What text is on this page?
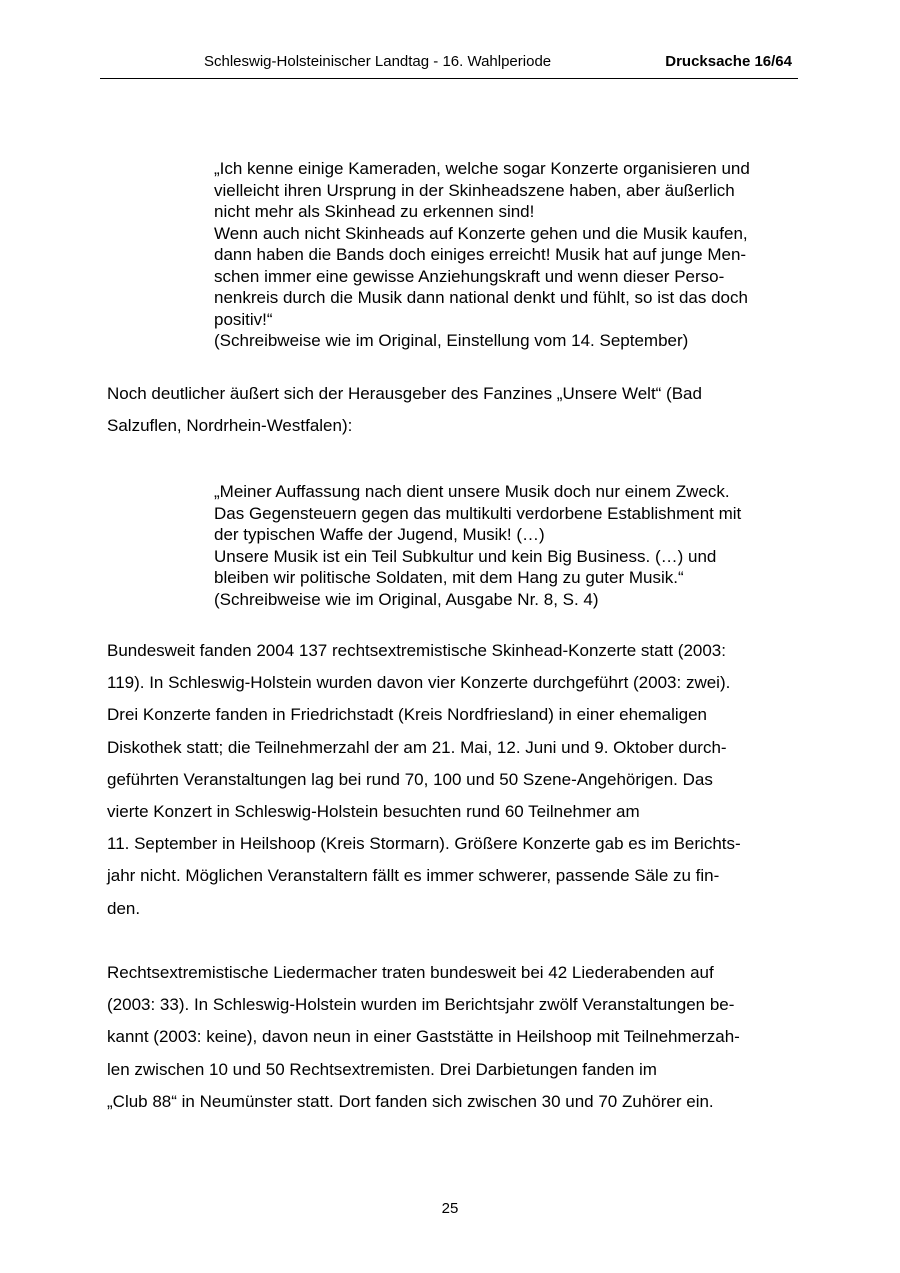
Schleswig-Holsteinischer Landtag - 16. Wahlperiode	Drucksache 16/64
„Ich kenne einige Kameraden, welche sogar Konzerte organisieren und
vielleicht ihren Ursprung in der Skinheadszene haben, aber äußerlich
nicht mehr als Skinhead zu erkennen sind!
Wenn auch nicht Skinheads auf Konzerte gehen und die Musik kaufen,
dann haben die Bands doch einiges erreicht! Musik hat auf junge Men-
schen immer eine gewisse Anziehungskraft und wenn dieser Perso-
nenkreis durch die Musik dann national denkt und fühlt, so ist das doch
positiv!“
(Schreibweise wie im Original, Einstellung vom 14. September)
Noch deutlicher äußert sich der Herausgeber des Fanzines „Unsere Welt“ (Bad
Salzuflen, Nordrhein-Westfalen):
„Meiner Auffassung nach dient unsere Musik doch nur einem Zweck.
Das Gegensteuern gegen das multikulti verdorbene Establishment mit
der typischen Waffe der Jugend, Musik! (…)
Unsere Musik ist ein Teil Subkultur und kein Big Business. (…) und
bleiben wir politische Soldaten, mit dem Hang zu guter Musik.“
(Schreibweise wie im Original, Ausgabe Nr. 8, S. 4)
Bundesweit fanden 2004 137 rechtsextremistische Skinhead-Konzerte statt (2003:
119). In Schleswig-Holstein wurden davon vier Konzerte durchgeführt (2003: zwei).
Drei Konzerte fanden in Friedrichstadt (Kreis Nordfriesland) in einer ehemaligen
Diskothek statt; die Teilnehmerzahl der am 21. Mai, 12. Juni und 9. Oktober durch-
geführten Veranstaltungen lag bei rund 70, 100 und 50 Szene-Angehörigen. Das
vierte Konzert in Schleswig-Holstein besuchten rund 60 Teilnehmer am
11. September in Heilshoop (Kreis Stormarn). Größere Konzerte gab es im Berichts-
jahr nicht. Möglichen Veranstaltern fällt es immer schwerer, passende Säle zu fin-
den.
Rechtsextremistische Liedermacher traten bundesweit bei 42 Liederabenden auf
(2003: 33). In Schleswig-Holstein wurden im Berichtsjahr zwölf Veranstaltungen be-
kannt (2003: keine), davon neun in einer Gaststätte in Heilshoop mit Teilnehmerzah-
len zwischen 10 und 50 Rechtsextremisten. Drei Darbietungen fanden im
„Club 88“ in Neumünster statt. Dort fanden sich zwischen 30 und 70 Zuhörer ein.
25
